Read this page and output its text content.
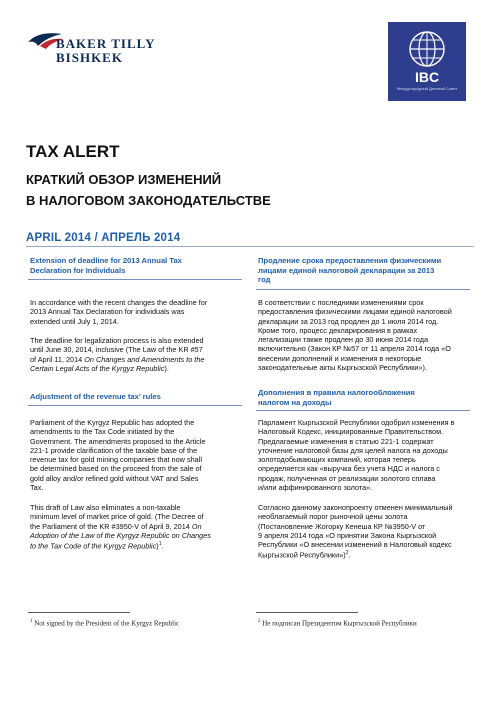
BAKER TILLY
BISHKEK
IBC
Международный Деловой Совет
TAX ALERT
КРАТКИЙ ОБЗОР ИЗМЕНЕНИЙ
В НАЛОГОВОМ ЗАКОНОДАТЕЛЬСТВЕ
APRIL 2014 / АПРЕЛЬ 2014
Extension of deadline for 2013 Annual Tax
Declaration for Individuals
In accordance with the recent changes the deadline for
2013 Annual Tax Declaration for individuals was
extended until July 1, 2014.
The deadline for legalization process is also extended
until June 30, 2014, inclusive (The Law of the KR #57
of April 11, 2014 On Changes and Amendments to the
Certain Legal Acts of the Kyrgyz Republic).
Adjustment of the revenue tax’ rules
Parliament of the Kyrgyz Republic has adopted the
amendments to the Tax Code initiated by the
Government. The amendments proposed to the Article
221-1 provide clarification of the taxable base of the
revenue tax for gold mining companies that now shall
be determined based on the proceed from the sale of
gold alloy and/or refined gold without VAT and Sales
Tax.
This draft of Law also eliminates a non-taxable
minimum level of market price of gold. (The Decree of
the Parliament of the KR #3950-V of April 9, 2014 On
Adoption of the Law of the Kyrgyz Republic on Changes
to the Tax Code of the Kyrgyz Republic)$^1$.
$^1$ Not signed by the President of the Kyrgyz Republic
Продление срока предоставления физическими
лицами единой налоговой декларации за 2013
год
В соответствии с последними изменениями срок
предоставления физическими лицами единой налоговой
декларации за 2013 год продлен до 1 июля 2014 год.
Кроме того, процесс декларирования в рамках
легализации также продлен до 30 июня 2014 года
включительно (Закон КР №57 от 11 апреля 2014 года «О
внесении дополнений и изменения в некоторые
законодательные акты Кыргызской Республики»).
Дополнения в правила налогообложения
налогом на доходы
Парламент Кыргызской Республики одобрил изменения в
Налоговый Кодекс, инициированные Правительством.
Предлагаемые изменения в статью 221-1 содержат
уточнение налоговой базы для целей налога на доходы
золотодобывающих компаний, которая теперь
определяется как «выручка без учета НДС и налога с
продаж, полученная от реализации золотого сплава
и/или аффинированного золота».
Согласно данному законопроекту отменен минимальный
необлагаемый порог рыночной цены золота
(Постановление Жогорку Кенеша КР №3950-V от
9 апреля 2014 года «О принятии Закона Кыргызской
Республики «О внесении изменений в Налоговый кодекс
Кыргызской Республики»)$^2$.
$^2$ Не подписан Президентом Кыргызской Республики
